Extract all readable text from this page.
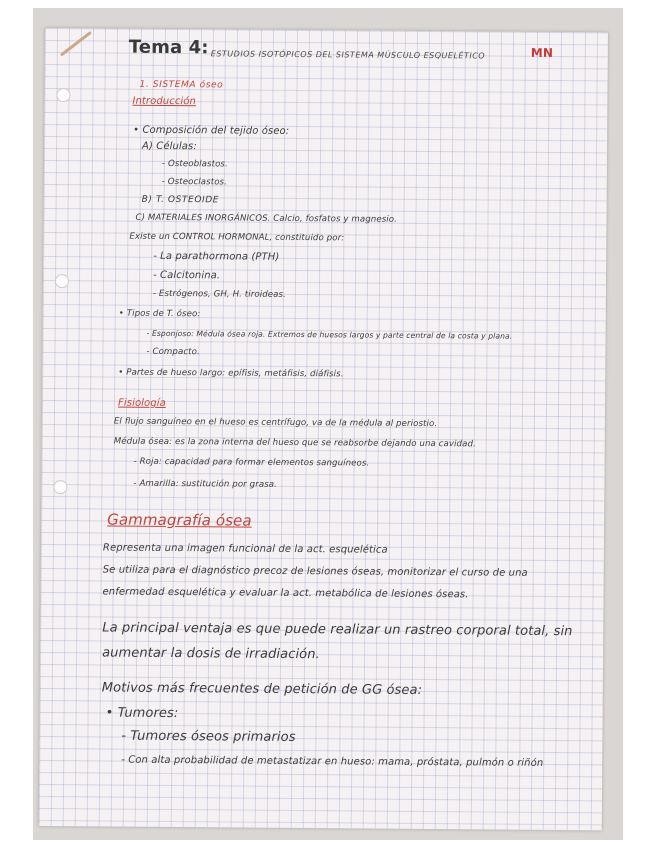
Tema 4: ESTUDIOS ISOTÓPICOS DEL SISTEMA MÚSCULO ESQUELÉTICO	MN
1. SISTEMA óseo
Introducción
• Composición del tejido óseo:
A) Células:
- Osteoblastos.
- Osteoclastos.
B) T. OSTEOIDE
C) MATERIALES INORGÁNICOS. Calcio, fosfatos y magnesio.
Existe un CONTROL HORMONAL, constituido por:
- La parathormona (PTH)
- Calcitonina.
- Estrógenos, GH, H. tiroideas.
• Tipos de T. óseo:
- Esponjoso: Médula ósea roja. Extremos de huesos largos y parte central de la costa y plana.
- Compacto.
• Partes de hueso largo: epífisis, metáfisis, diáfisis.
Fisiología
El flujo sanguíneo en el hueso es centrífugo, va de la médula al periostio.
Médula ósea: es la zona interna del hueso que se reabsorbe dejando una cavidad.
- Roja: capacidad para formar elementos sanguíneos.
- Amarilla: sustitución por grasa.
Gammagrafía ósea
Representa una imagen funcional de la act. esquelética
Se utiliza para el diagnóstico precoz de lesiones óseas, monitorizar el curso de una
enfermedad esquelética y evaluar la act. metabólica de lesiones óseas.
La principal ventaja es que puede realizar un rastreo corporal total, sin
aumentar la dosis de irradiación.
Motivos más frecuentes de petición de GG ósea:
• Tumores:
- Tumores óseos primarios
- Con alta probabilidad de metastatizar en hueso: mama, próstata, pulmón o riñón
